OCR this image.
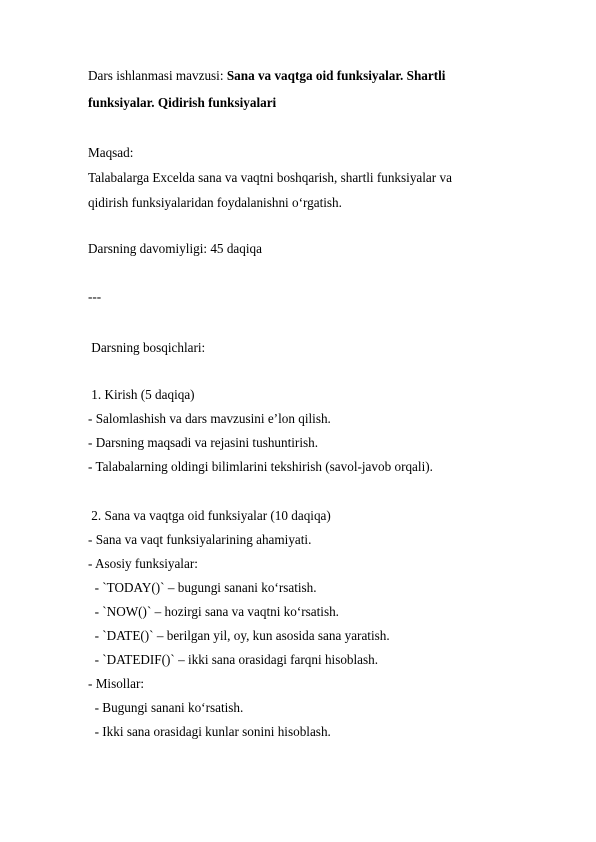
Dars ishlanmasi mavzusi: Sana va vaqtga oid funksiyalar. Shartli
funksiyalar. Qidirish funksiyalari
Maqsad:
Talabalarga Excelda sana va vaqtni boshqarish, shartli funksiyalar va
qidirish funksiyalaridan foydalanishni o‘rgatish.
Darsning davomiyligi: 45 daqiqa
---
Darsning bosqichlari:
1. Kirish (5 daqiqa)
- Salomlashish va dars mavzusini e’lon qilish.
- Darsning maqsadi va rejasini tushuntirish.
- Talabalarning oldingi bilimlarini tekshirish (savol-javob orqali).
2. Sana va vaqtga oid funksiyalar (10 daqiqa)
- Sana va vaqt funksiyalarining ahamiyati.
- Asosiy funksiyalar:
- `TODAY()` – bugungi sanani ko‘rsatish.
- `NOW()` – hozirgi sana va vaqtni ko‘rsatish.
- `DATE()` – berilgan yil, oy, kun asosida sana yaratish.
- `DATEDIF()` – ikki sana orasidagi farqni hisoblash.
- Misollar:
- Bugungi sanani ko‘rsatish.
- Ikki sana orasidagi kunlar sonini hisoblash.
